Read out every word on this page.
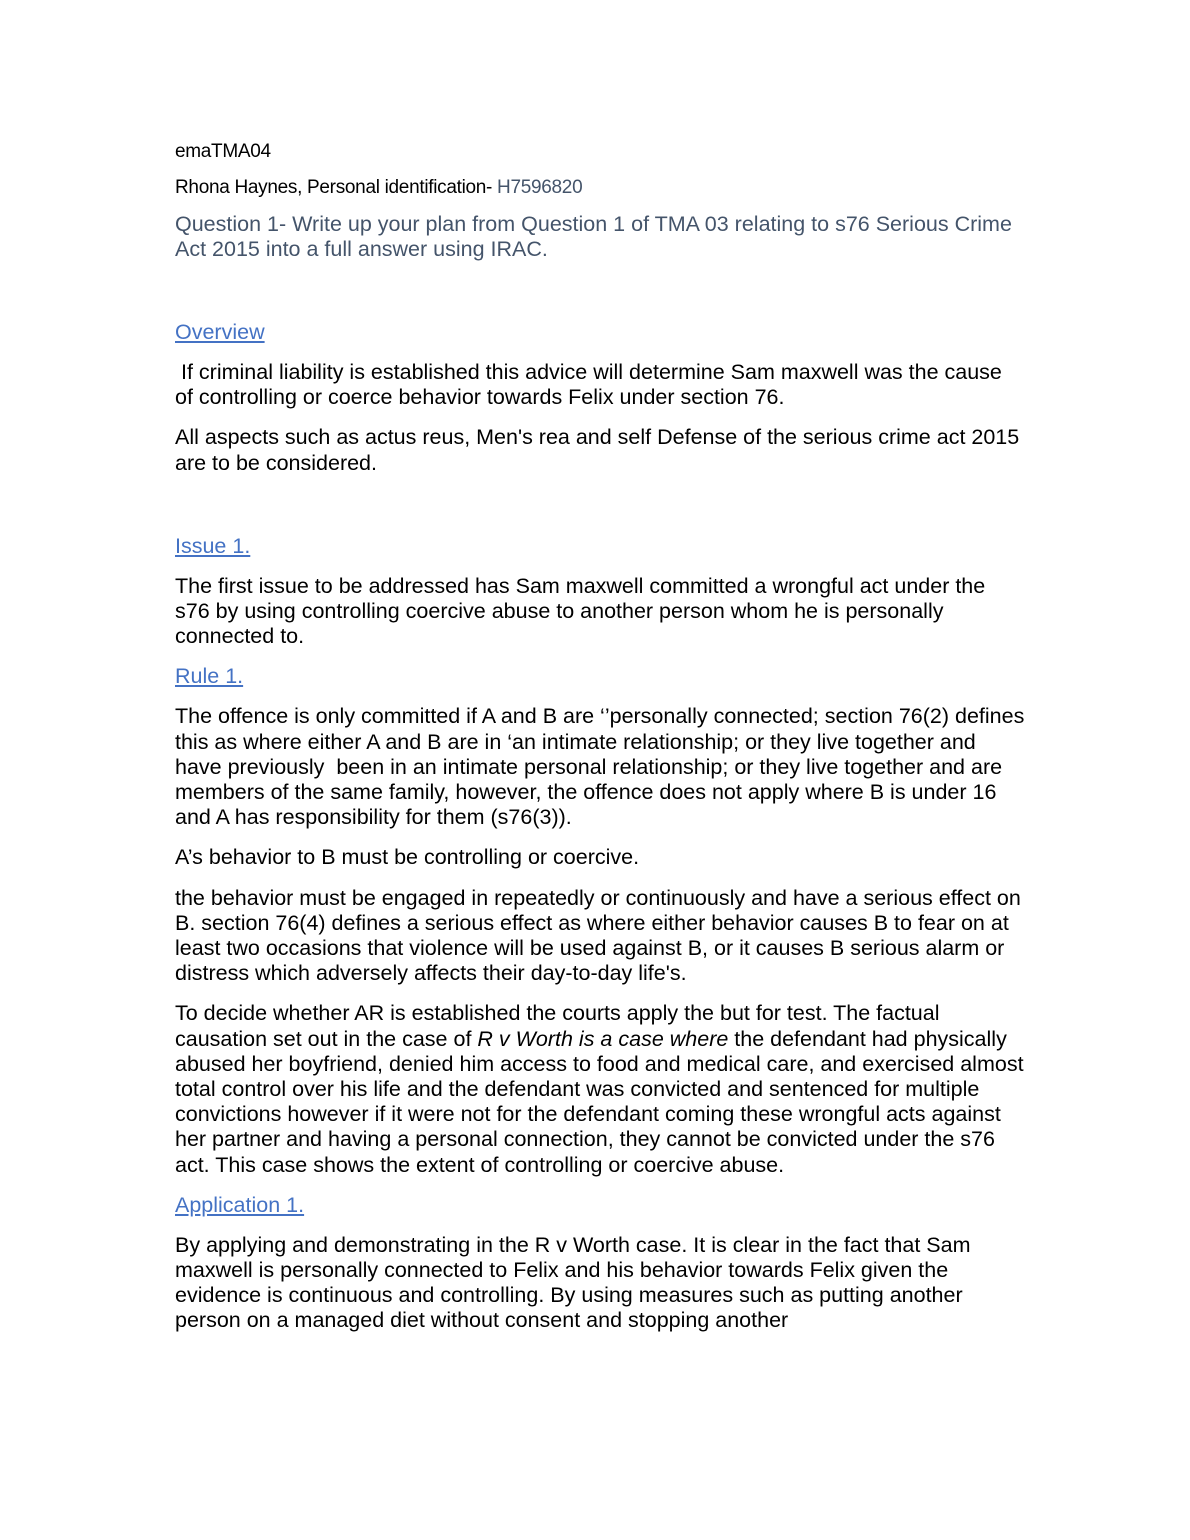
emaTMA04

Rhona Haynes, Personal identification- H7596820

Question 1- Write up your plan from Question 1 of TMA 03 relating to s76 Serious Crime Act 2015 into a full answer using IRAC.

Overview

If criminal liability is established this advice will determine Sam maxwell was the cause of controlling or coerce behavior towards Felix under section 76.

All aspects such as actus reus, Men's rea and self Defense of the serious crime act 2015 are to be considered.

Issue 1.

The first issue to be addressed has Sam maxwell committed a wrongful act under the s76 by using controlling coercive abuse to another person whom he is personally connected to.

Rule 1.

The offence is only committed if A and B are ‘’personally connected; section 76(2) defines this as where either A and B are in ‘an intimate relationship; or they live together and have previously  been in an intimate personal relationship; or they live together and are members of the same family, however, the offence does not apply where B is under 16 and A has responsibility for them (s76(3)).

A’s behavior to B must be controlling or coercive.

the behavior must be engaged in repeatedly or continuously and have a serious effect on B. section 76(4) defines a serious effect as where either behavior causes B to fear on at least two occasions that violence will be used against B, or it causes B serious alarm or distress which adversely affects their day-to-day life's.

To decide whether AR is established the courts apply the but for test. The factual causation set out in the case of R v Worth is a case where the defendant had physically abused her boyfriend, denied him access to food and medical care, and exercised almost total control over his life and the defendant was convicted and sentenced for multiple convictions however if it were not for the defendant coming these wrongful acts against her partner and having a personal connection, they cannot be convicted under the s76 act. This case shows the extent of controlling or coercive abuse.

Application 1.

By applying and demonstrating in the R v Worth case. It is clear in the fact that Sam maxwell is personally connected to Felix and his behavior towards Felix given the evidence is continuous and controlling. By using measures such as putting another person on a managed diet without consent and stopping another
